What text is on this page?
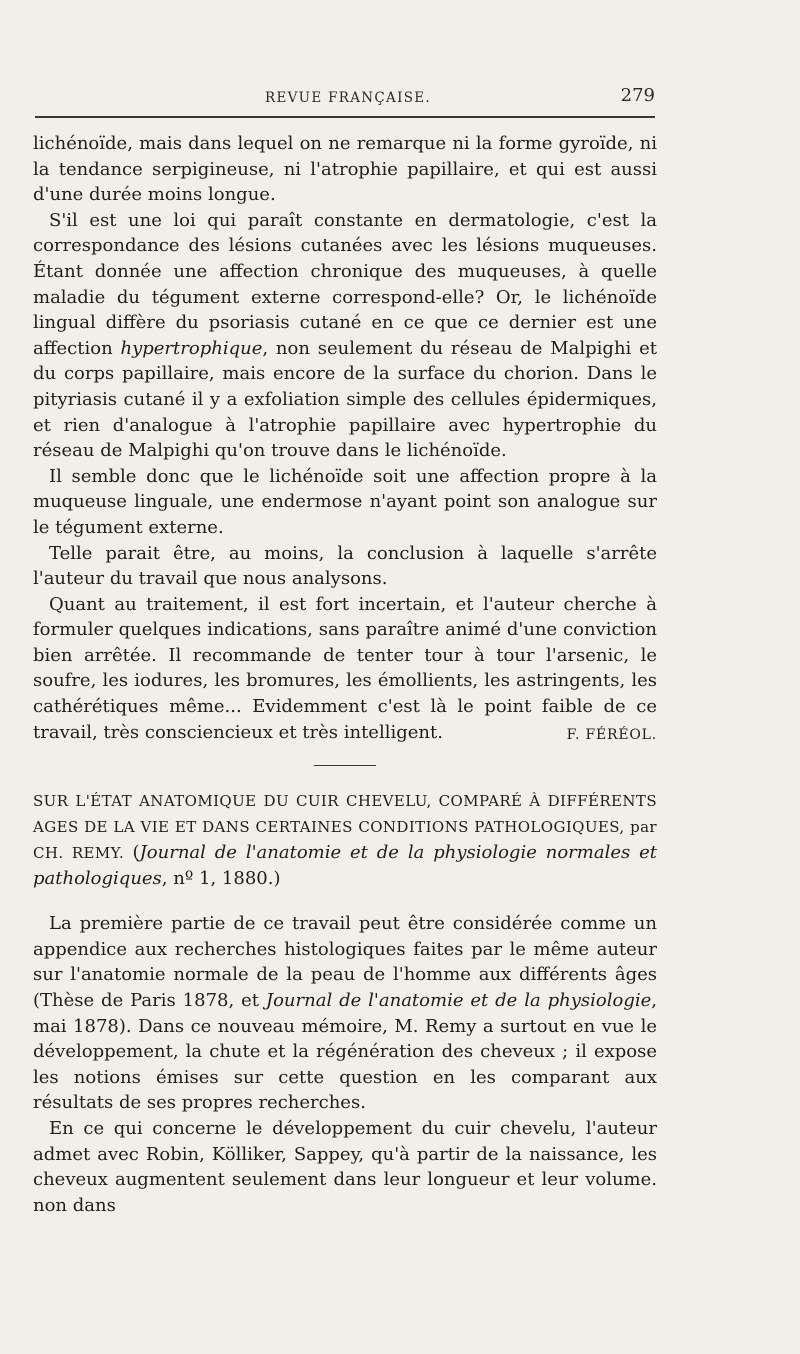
REVUE FRANÇAISE.	279

lichénoïde, mais dans lequel on ne remarque ni la forme gyroïde, ni la tendance serpigineuse, ni l'atrophie papillaire, et qui est aussi d'une durée moins longue.

S'il est une loi qui paraît constante en dermatologie, c'est la correspondance des lésions cutanées avec les lésions muqueuses. Étant donnée une affection chronique des muqueuses, à quelle maladie du tégument externe correspond-elle? Or, le lichénoïde lingual diffère du psoriasis cutané en ce que ce dernier est une affection hypertrophique, non seulement du réseau de Malpighi et du corps papillaire, mais encore de la surface du chorion. Dans le pityriasis cutané il y a exfoliation simple des cellules épidermiques, et rien d'analogue à l'atrophie papillaire avec hypertrophie du réseau de Malpighi qu'on trouve dans le lichénoïde.

Il semble donc que le lichénoïde soit une affection propre à la muqueuse linguale, une endermose n'ayant point son analogue sur le tégument externe.

Telle parait être, au moins, la conclusion à laquelle s'arrête l'auteur du travail que nous analysons.

Quant au traitement, il est fort incertain, et l'auteur cherche à formuler quelques indications, sans paraître animé d'une conviction bien arrêtée. Il recommande de tenter tour à tour l'arsenic, le soufre, les iodures, les bromures, les émollients, les astringents, les cathérétiques même... Evidemment c'est là le point faible de ce travail, très consciencieux et très intelligent.	F. FÉRÉOL.

SUR L'ÉTAT ANATOMIQUE DU CUIR CHEVELU, COMPARÉ À DIFFÉRENTS AGES DE LA VIE ET DANS CERTAINES CONDITIONS PATHOLOGIQUES, par CH. REMY. (Journal de l'anatomie et de la physiologie normales et pathologiques, nº 1, 1880.)

La première partie de ce travail peut être considérée comme un appendice aux recherches histologiques faites par le même auteur sur l'anatomie normale de la peau de l'homme aux différents âges (Thèse de Paris 1878, et Journal de l'anatomie et de la physiologie, mai 1878). Dans ce nouveau mémoire, M. Remy a surtout en vue le développement, la chute et la régénération des cheveux ; il expose les notions émises sur cette question en les comparant aux résultats de ses propres recherches.

En ce qui concerne le développement du cuir chevelu, l'auteur admet avec Robin, Kölliker, Sappey, qu'à partir de la naissance, les cheveux augmentent seulement dans leur longueur et leur volume. non dans
